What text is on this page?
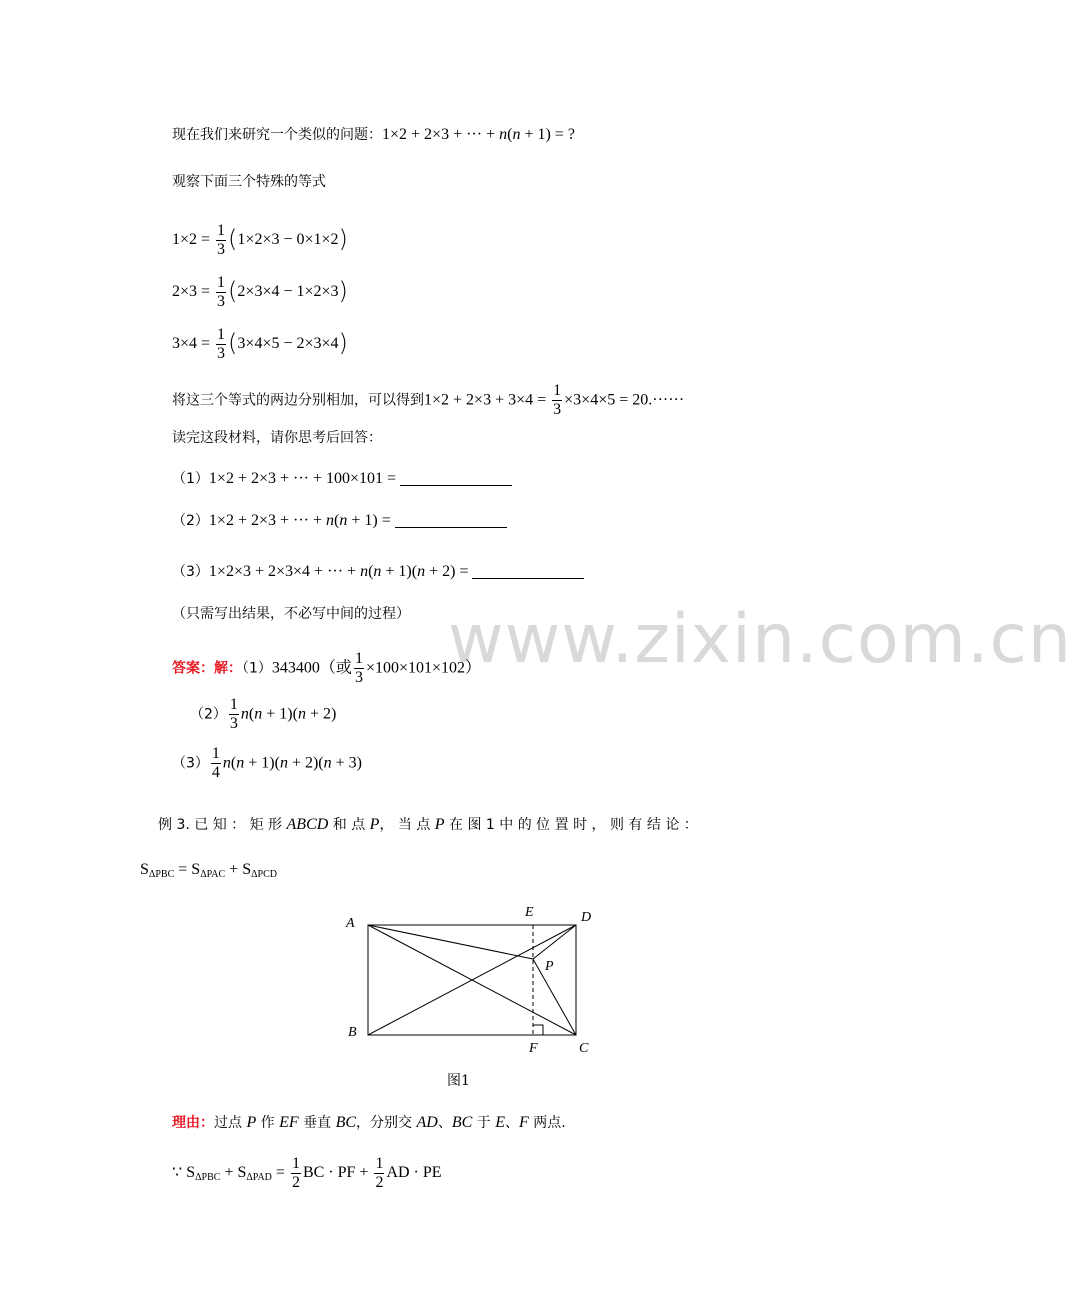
www.zixin.com.cn
现在我们来研究一个类似的问题：1×2 + 2×3 + ··· + n(n + 1) = ?
观察下面三个特殊的等式
$1\times 2 = \frac{1}{3} (1\times 2\times 3 - 0\times 1\times 2)$
$2\times 3 = \frac{1}{3} (2\times 3\times 4 - 1\times 2\times 3)$
$3\times 4 = \frac{1}{3} (3\times 4\times 5 - 2\times 3\times 4)$
将这三个等式的两边分别相加，可以得到$1\times 2 + 2\times 3 + 3\times 4 = \frac{1}{3} \times 3\times 4\times 5 = 20.\cdot\cdot\cdot\cdot\cdot\cdot$
读完这段材料，请你思考后回答：
（1）1×2 + 2×3 + ··· + 100×101 =
（2）1×2 + 2×3 + ··· + n(n + 1) =
（3）1×2×3 + 2×3×4 + ··· + n(n + 1)(n + 2) =
（只需写出结果，不必写中间的过程）
答案：解：（1）343400（或 $\frac{1}{3} \times 100\times 101\times 102$）
$(2) \frac{1}{3} n(n + 1)(n + 2)$
$(3) \frac{1}{4} n(n + 1)(n + 2)(n + 3)$
例 3. 已 知 ： 矩 形 ABCD 和 点 P， 当 点 P 在 图 1 中 的 位 置 时 ， 则 有 结 论 ：
$S_{\Delta PBC} = S_{\Delta PAC} + S_{\Delta PCD}$
A
B
C
D
E
F
P
图1
理由：过点 P 作 EF 垂直 BC，分别交 AD、BC 于 E、F 两点.
∵ $S_{\Delta PBC} + S_{\Delta PAD} = \frac{1}{2}$ BC · PF + $\frac{1}{2}$ AD · PE
